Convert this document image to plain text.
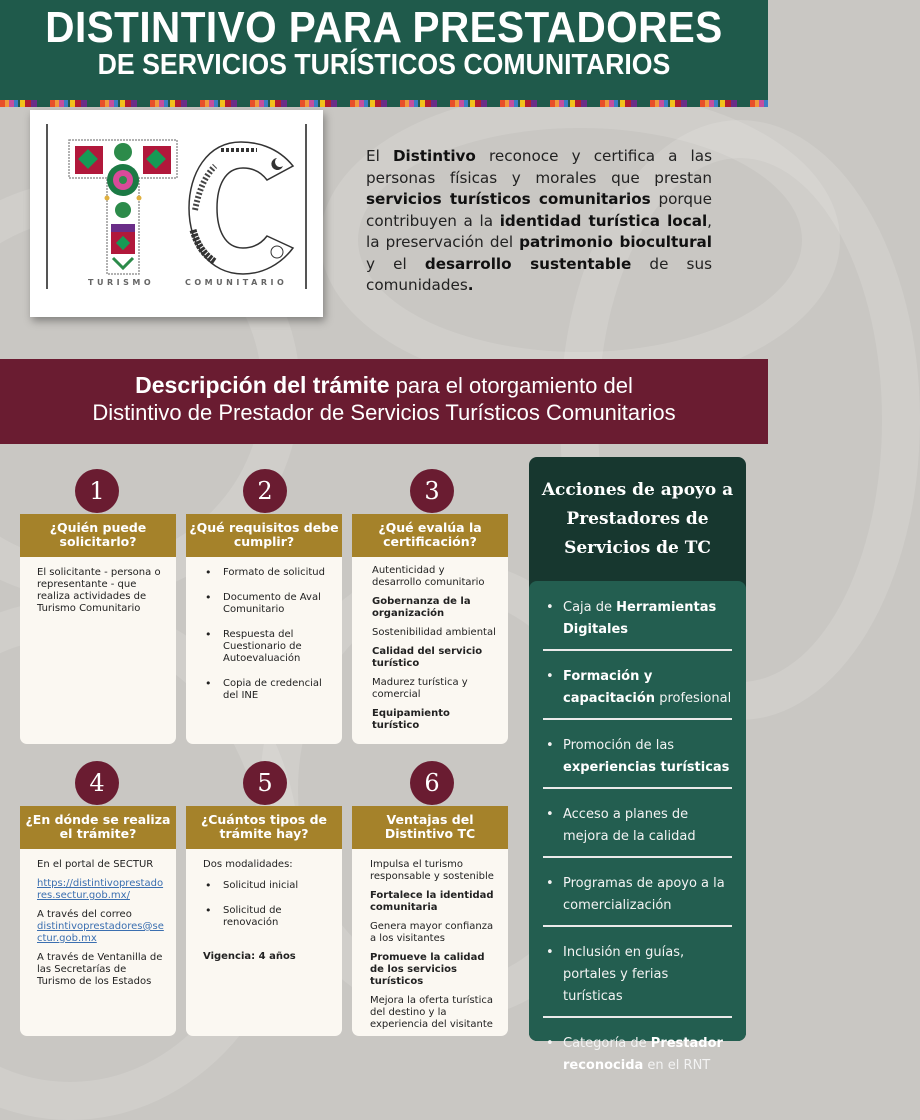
DISTINTIVO PARA PRESTADORES
DE SERVICIOS TURÍSTICOS COMUNITARIOS
TURISMO	COMUNITARIO
El Distintivo reconoce y certifica a las personas físicas y morales que prestan servicios turísticos comunitarios porque contribuyen a la identidad turística local, la preservación del patrimonio biocultural y el desarrollo sustentable de sus comunidades.
Descripción del trámite para el otorgamiento del
Distintivo de Prestador de Servicios Turísticos Comunitarios
1
¿Quién puede solicitarlo?

El solicitante - persona o representante - que realiza actividades de Turismo Comunitario

2
¿Qué requisitos debe cumplir?
• Formato de solicitud
• Documento de Aval Comunitario
• Respuesta del Cuestionario de Autoevaluación
• Copia de credencial del INE
3
¿Qué evalúa la certificación?

Autenticidad y desarrollo comunitario

Gobernanza de la organización

Sostenibilidad ambiental

Calidad del servicio turístico

Madurez turística y comercial

Equipamiento turístico

4
¿En dónde se realiza el trámite?

En el portal de SECTUR

https://distintivoprestadores.sectur.gob.mx/

A través del correo

distintivoprestadores@sectur.gob.mx

A través de Ventanilla de las Secretarías de Turismo de los Estados

5
¿Cuántos tipos de trámite hay?

Dos modalidades:

• Solicitud inicial
• Solicitud de renovación

Vigencia: 4 años

6
Ventajas del Distintivo TC

Impulsa el turismo responsable y sostenible

Fortalece la identidad comunitaria

Genera mayor confianza a los visitantes

Promueve la calidad de los servicios turísticos

Mejora la oferta turística del destino y la experiencia del visitante

Acciones de apoyo a Prestadores de Servicios de TC
• Caja de Herramientas Digitales
• Formación y capacitación profesional
• Promoción de las experiencias turísticas
• Acceso a planes de mejora de la calidad
• Programas de apoyo a la comercialización
• Inclusión en guías, portales y ferias turísticas
• Categoría de Prestador reconocida en el RNT
